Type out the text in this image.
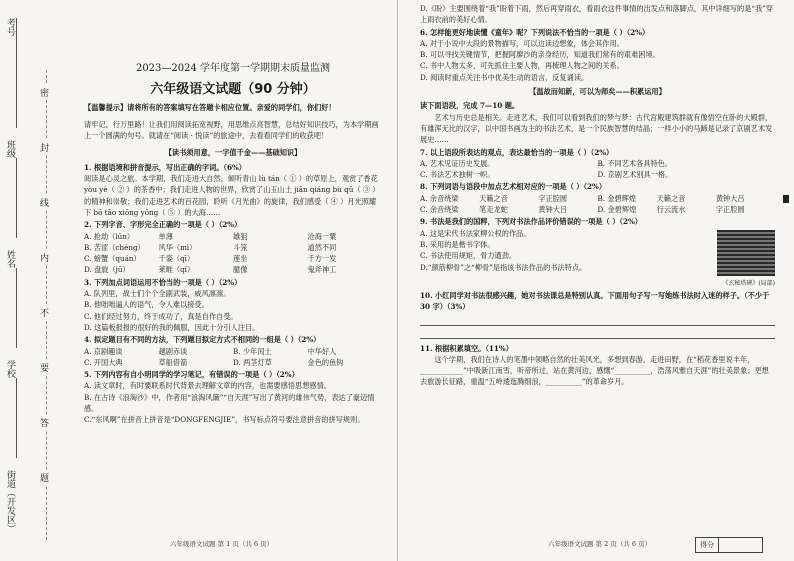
考号
班级
姓名
学校
街道（开发区）
密
封
线
内
不
要
答
题

2023—2024 学年度第一学期期末质量监测

六年级语文试题（90 分钟）

【温馨提示】请将所有的答案填写在答题卡相应位置。亲爱的同学们，你们好！

请牢记，行万里路！让我们用阅读拓宽视野，用思维点亮智慧，总结好知识技巧，为本学期画上一个圆满的句号。就请在“阅读 · 悦读”的旅途中，去看看同学们的收获吧！

【读书须用意，一字值千金——基础知识】

1. 根据语境和拼音提示，写出正确的字词。（6%）

阅读是心灵之旅。本学期，我们走进大自然，倾听青山 lù tán（ ① ）的草原上，观赏了香花 yòu yè（ ② ）的茶香中；我们走进人物的世界，欣赏了山玉山土 jiān qiáng bù qū（ ③ ）的精神和崇敬；我们走进艺术的百花园，聆听《月光曲》的旋律，我们感受（ ④ ）月光照耀下 bō tāo xiōng yǒng（ ⑤ ）的大海……

2. 下列字音、字形完全正确的一项是（ ）（2%）

A. 抢劫（lūn）	单薄	雄狙	沧海一粟
B. 苦涩（chéng）	风华（mì）	斗笼	道然不同
C. 螃蟹（quán）	千姿（qī）	莲坐	千方一发
D. 盘旋（jū）	莱畦（qí）	臆像	鬼斧神工

3. 下列加点词语运用不恰当的一项是（ ）（2%）

A. 队列里，战士们个个全副武装，威风凛凛。
B. 他咄咄逼人的语气，令人难以接受。
C. 他们经过努力，终于成功了，真是自作自受。
D. 这篇板报报的很好的我的佩服，因此十分引人注目。

4. 拟定题目有不同的方法，下列题目拟定方式不相同的一组是（ ）（2%）

A. 京剧趣谈	越剧赤谈	B. 少年闰土	中华好人
C. 开国大典	草船借箭	D. 两茎灯草	金色的鱼钩

5. 下列内容有自小明同学的学习笔记，有错误的一项是（ ）（2%）

A. 读文章时，有时要联系时代背景去理解文章的内容，也需要感悟思想感情。
B. 在古诗《浪淘沙》中，作者用“浪淘风簸”“自天涯”写出了黄河的雄伟气势，表达了豪迈情感。
C.“东风啊”在拼音上拼音是“DONGFENGJIE”，书写标点符号要注意拼音的拼写规则。
六年级语文试题 第 1 页（共 6 页）

D.《盼》主要围绕着“我”盼着下雨，然后再穿雨衣，看雨衣这件事情的出发点和落脚点，其中详细写的是“我”穿上雨衣前的美好心情。

6. 怎样能更好地读懂《童年》呢？下列说法不恰当的一项是（ ）（2%）

A. 对于小说中大段的景物描写，可以边读边想象，体会其作用。
B. 可以寻找关键情节，把握阿廖沙的亲身经历，知道我们常有的艰难困境。
C. 书中人物太多，可先抓住主要人物，再梳理人物之间的关系。
D. 阅读时重点关注书中优美生动的语言，反复诵读。

【温故而知新，可以为师矣——积累运用】

读下面语段，完成 7—10 题。

艺术与历史总是相关。走进艺术，我们可以看到我们的梦与梦：古代宫殿建筑群就有像悟空在卧的大殿群，有雄浑无比的汉字，以中国书画为主的书法艺术，是一个民族智慧的结晶；一样小小的马蹄是记录了京剧艺术发展史……

7. 以上语段所表达的观点，表达最恰当的一项是（ ）（2%）

A. 艺术见证历史发展。	B. 不同艺术各具特色。
C. 书法艺术独树一帜。	D. 京剧艺术别具一格。

8. 下列词语与语段中加点艺术相对应的一项是（ ）（2%）

A. 余音绕梁	天籁之音	字正腔圆	B. 金碧辉煌	天籁之音	黄钟大吕
C. 余音绕梁	笔走龙蛇	黄钟大吕	D. 金碧辉煌	行云流水	字正腔圆

9. 书法是我们的国粹，下列对书法作品评价错误的一项是（ ）（2%）

A. 这是宋代书法家柳公权的作品。
B. 采用的是楷书字体。
C. 书法使用规矩，骨力遒劲。
D.“颜筋柳骨”之“柳骨”是指该书法作品的书法特点。

《玄秘塔碑》(局部)

10. 小红同学对书法很感兴趣，她对书法课总是特别认真。下面用句子写一写她练书法时入迷的样子。（不少于 30 字）（3%）

11. 根据积累填空。（11%）

这个学期，我们在诗人的笔墨中领略自然的壮美风光，多想到春游，走进田野，在“稻花香里说丰年，____________”中吸新江南雪，听帝所过，站在黄河边，感慨“__________，浩荡风雅自天涯”的壮美景象；更想去旅游长征路，重温“五岭逶迤腾细浪，__________”的革命岁月。

六年级语文试题 第 2 页（共 6 页）	得分
